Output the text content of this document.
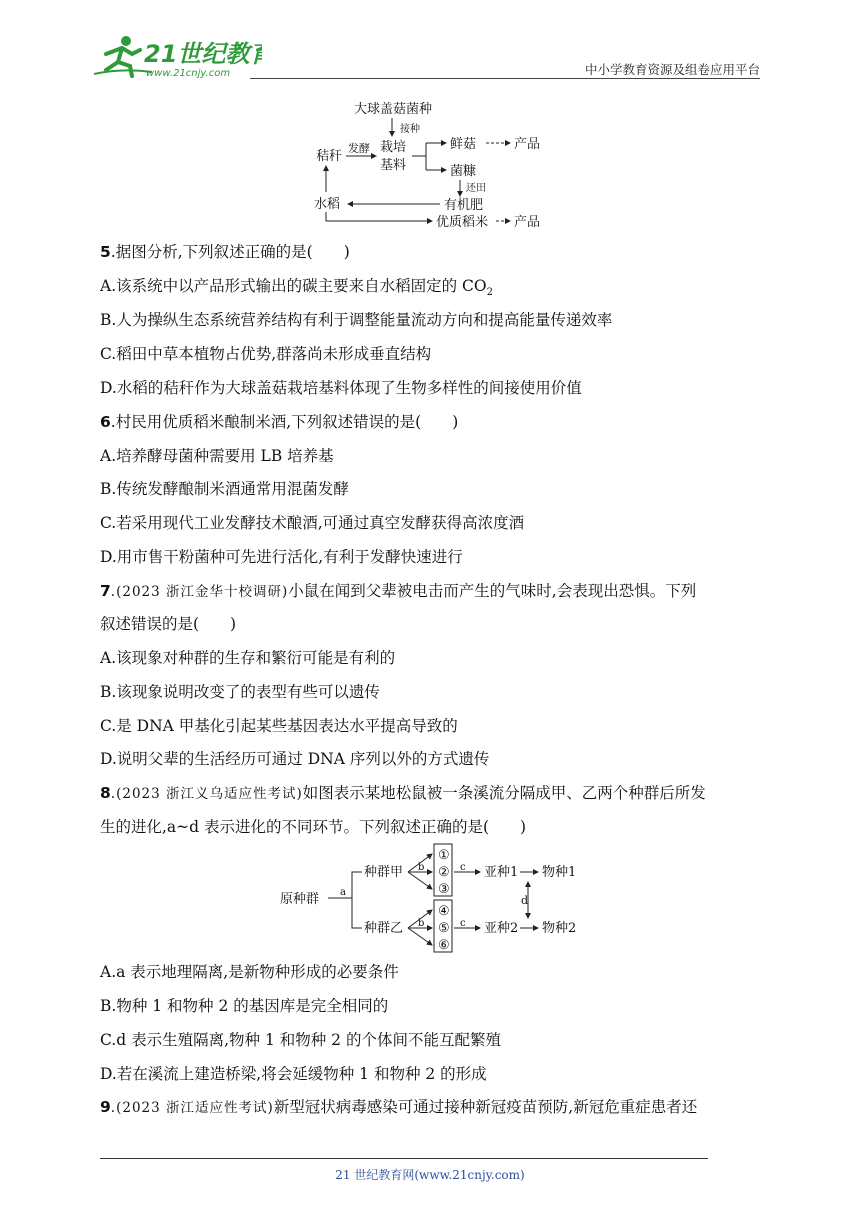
21世纪教育
www.21cnjy.com	中小学教育资源及组卷应用平台
大球盖菇菌种
接种
秸秆
发酵 栽培
基料
鲜菇	产品
菌糠
还田
有机肥
水稻
优质稻米 产品
5.据图分析,下列叙述正确的是(　　)
A.该系统中以产品形式输出的碳主要来自水稻固定的 $CO_2$
B.人为操纵生态系统营养结构有利于调整能量流动方向和提高能量传递效率
C.稻田中草本植物占优势,群落尚未形成垂直结构
D.水稻的秸秆作为大球盖菇栽培基料体现了生物多样性的间接使用价值
6.村民用优质稻米酿制米酒,下列叙述错误的是(　　)
A.培养酵母菌种需要用 LB 培养基
B.传统发酵酿制米酒通常用混菌发酵
C.若采用现代工业发酵技术酿酒,可通过真空发酵获得高浓度酒
D.用市售干粉菌种可先进行活化,有利于发酵快速进行
7.(2023 浙江金华十校调研)小鼠在闻到父辈被电击而产生的气味时,会表现出恐惧。下列
叙述错误的是(　　)
A.该现象对种群的生存和繁衍可能是有利的
B.该现象说明改变了的表型有些可以遗传
C.是 DNA 甲基化引起某些基因表达水平提高导致的
D.说明父辈的生活经历可通过 DNA 序列以外的方式遗传
8.(2023 浙江义乌适应性考试)如图表示某地松鼠被一条溪流分隔成甲、乙两个种群后所发
生的进化,a~d 表示进化的不同环节。下列叙述正确的是(　　)
原种群 a
种群甲
种群乙
b
b
c
c
①
②
③
④
⑤
⑥
亚种1
亚种2
物种1
物种2
d
A.a 表示地理隔离,是新物种形成的必要条件
B.物种 1 和物种 2 的基因库是完全相同的
C.d 表示生殖隔离,物种 1 和物种 2 的个体间不能互配繁殖
D.若在溪流上建造桥梁,将会延缓物种 1 和物种 2 的形成
9.(2023 浙江适应性考试)新型冠状病毒感染可通过接种新冠疫苗预防,新冠危重症患者还
21 世纪教育网(www.21cnjy.com)
